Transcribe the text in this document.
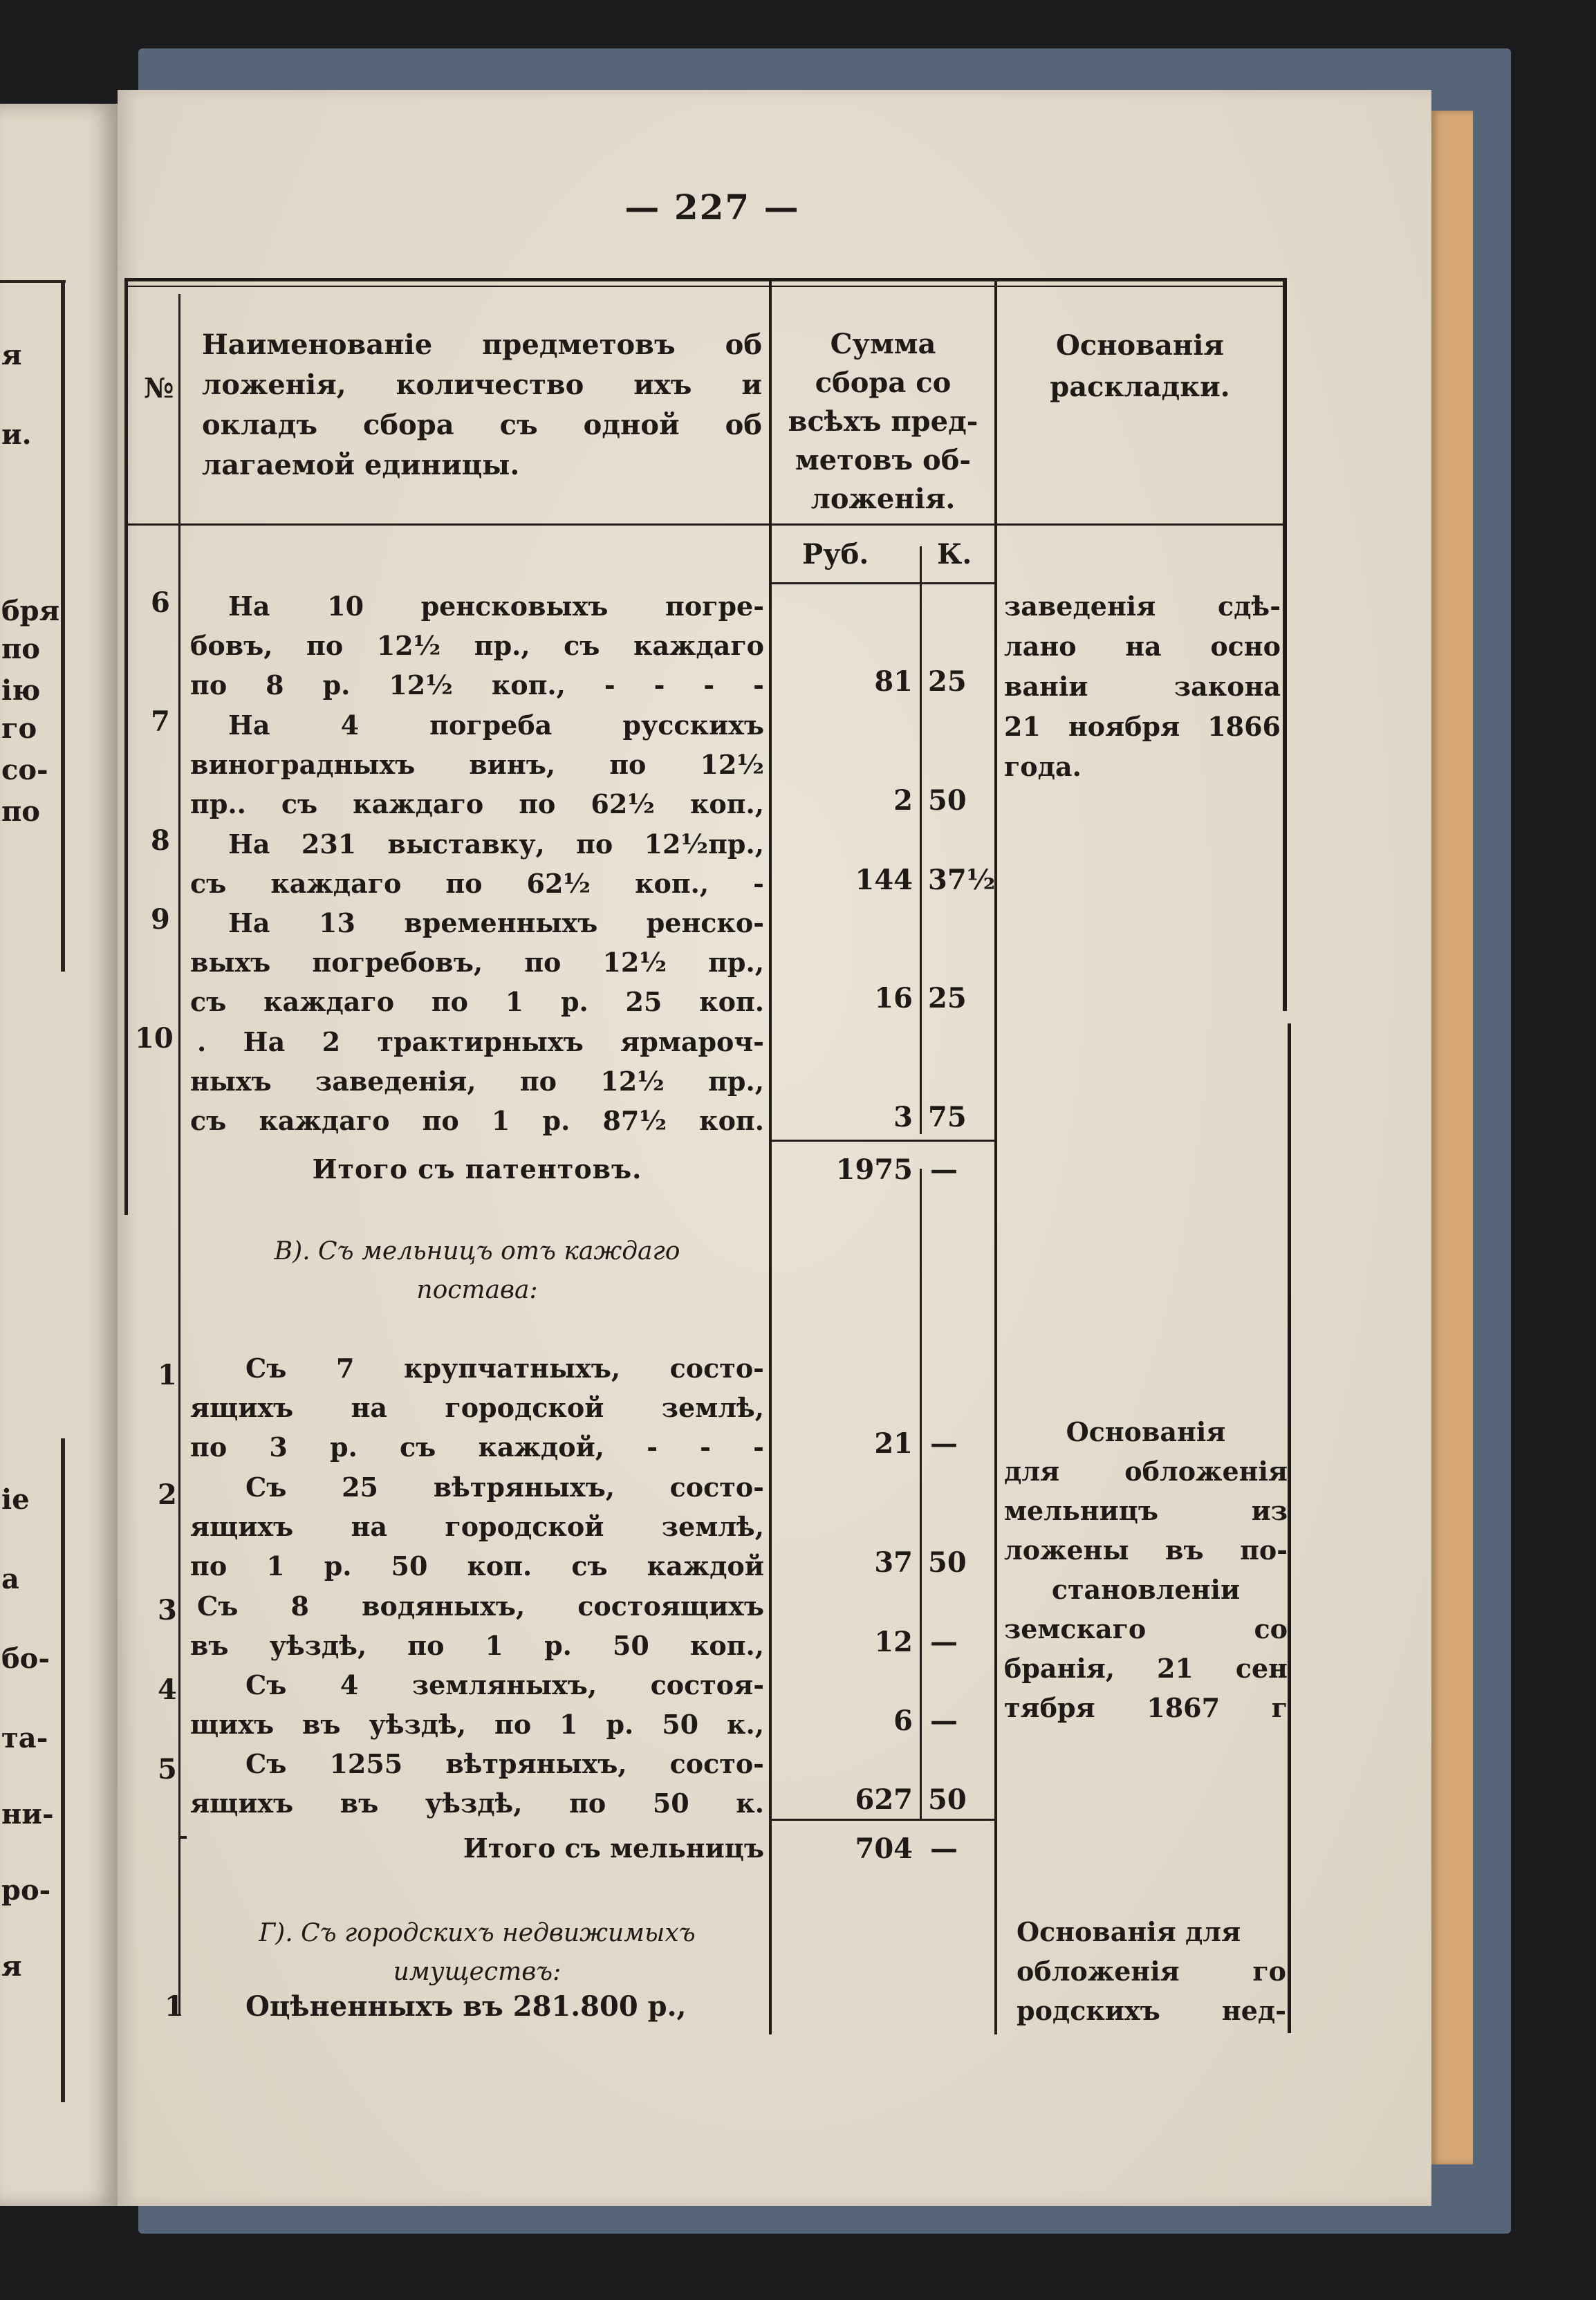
я
и.
бря
по
ію
го
со-
по
іе
а
бо-
та-
ни-
ро-
я
— 227 —
№
Наименованіе предметовъ об
ложенія, количество ихъ и
окладъ сбора съ одной об
лагаемой единицы.
Сумма
сбора со
всѣхъ пред-
метовъ об-
ложенія.
Основанія
раскладки.
Руб. К.
6 На 10 ренсковыхъ погре-
бовъ, по 12½ пр., съ каждаго
по 8 р. 12½ коп., - - - -	81 25
7 На	4	погреба	русскихъ
виноградныхъ винъ, по 12½
пр.. съ каждаго по 62½ коп.,	2 50
8 На 231 выставку, по 12½пр.,
съ каждаго по 62½ коп., -	144 37½
9 На 13 временныхъ ренско-
выхъ погребовъ, по 12½ пр.,
съ каждаго по 1 р. 25 коп.	16 25
10 . На 2 трактирныхъ ярмароч-
ныхъ заведенія, по 12½ пр.,
съ каждаго по 1 р. 87½ коп.	3 75
заведенія сдѣ-
лано на осно
ваніи	закона
21 ноября 1866
года.
Итого съ патентовъ.	1975 —
В). Съ мельницъ отъ каждаго
постава:
1	Съ 7 крупчатныхъ, состо-
ящихъ на городской землѣ,
по 3 р. съ каждой, - - -	21 —
2	Съ 25 вѣтряныхъ, состо-
ящихъ на городской землѣ,
по 1 р. 50 коп. съ каждой	37 50
3 Съ 8 водяныхъ, состоящихъ
въ уѣздѣ, по 1 р. 50 коп.,	12 —
4	Съ 4 земляныхъ, состоя-
щихъ въ уѣздѣ, по 1 р. 50 к.,	6 —
5	Съ 1255 вѣтряныхъ, состо-
ящихъ въ уѣздѣ, по 50 к.	627 50
Основанія
для обложенія
мельницъ	из
ложены въ по-
становленіи
земскаго	со
бранія, 21 сен
тября 1867 г
Итого съ мельницъ	704 —
Г). Съ городскихъ недвижимыхъ
имуществъ:
1 Оцѣненныхъ въ 281.800 р.,
Основанія для
обложенія	го
родскихъ нед-
